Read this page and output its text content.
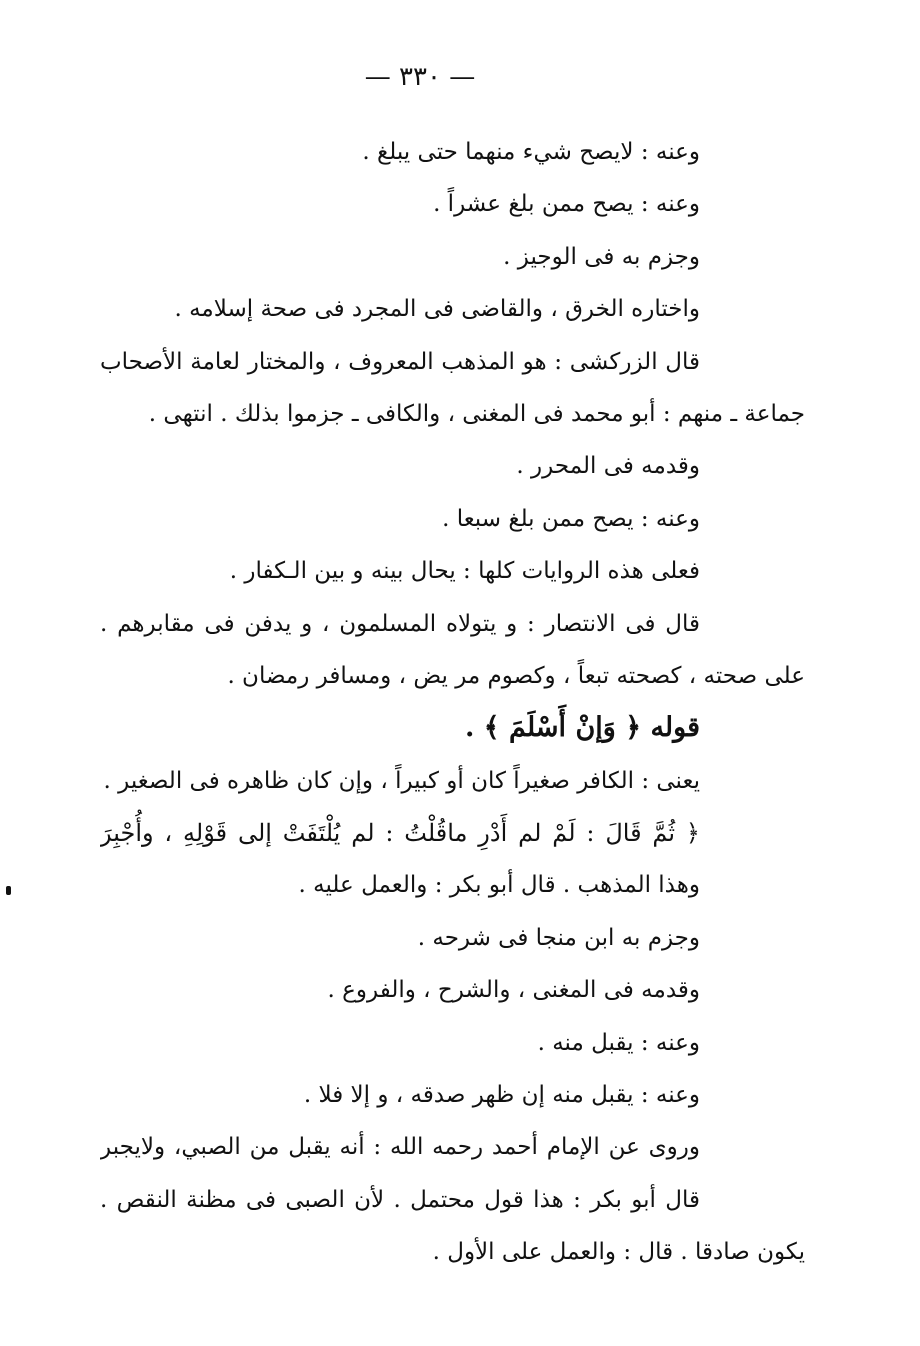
— ٣٣٠ —
وعنه : لايصح شيء منهما حتى يبلغ .
وعنه : يصح ممن بلغ عشراً .
وجزم به فى الوجيز .
واختاره الخرق ، والقاضى فى المجرد فى صحة إسلامه .
قال الزركشى : هو المذهب المعروف ، والمختار لعامة الأصحاب
جماعة ـ منهم : أبو محمد فى المغنى ، والكافى ـ جزموا بذلك . انتهى .
وقدمه فى المحرر .
وعنه : يصح ممن بلغ سبعا .
فعلى هذه الروايات كلها : يحال بينه و بين الـكفار .
قال فى الانتصار : و يتولاه المسلمون ، و يدفن فى مقابرهم .
على صحته ، كصحته تبعاً ، وكصوم مر يض ، ومسافر رمضان .
قوله ﴿ وَإنْ أَسْلَمَ ﴾ .
يعنى : الكافر صغيراً كان أو كبيراً ، وإن كان ظاهره فى الصغير .
﴿ ثُمَّ قَالَ : لَمْ لم أَدْرِ ماقُلْتُ : لم يُلْتَفَتْ إلى قَوْلِهِ ، وأُجْبِرَ
وهذا المذهب . قال أبو بكر : والعمل عليه .
وجزم به ابن منجا فى شرحه .
وقدمه فى المغنى ، والشرح ، والفروع .
وعنه : يقبل منه .
وعنه : يقبل منه إن ظهر صدقه ، و إلا فلا .
وروى عن الإمام أحمد رحمه الله : أنه يقبل من الصبي، ولايجبر
قال أبو بكر : هذا قول محتمل . لأن الصبى فى مظنة النقص .
يكون صادقا . قال : والعمل على الأول .
